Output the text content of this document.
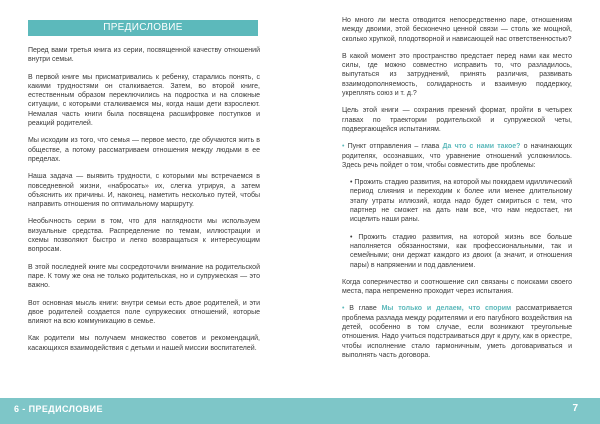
ПРЕДИСЛОВИЕ

Перед вами третья книга из серии, посвященной качеству отношений внутри семьи.

В первой книге мы присматривались к ребенку, старались понять, с какими трудностями он сталкивается. Затем, во второй книге, естественным образом переключились на подростка и на сложные ситуации, с которыми сталкиваемся мы, когда наши дети взрослеют. Немалая часть книги была посвящена расшифровке поступков и реакций родителей.

Мы исходим из того, что семья — первое место, где обучаются жить в обществе, а потому рассматриваем отношения между людьми в ее пределах.

Наша задача — выявить трудности, с которыми мы встречаемся в повседневной жизни, «набросать» их, слегка утрируя, а затем объяснить их причины. И, наконец, наметить несколько путей, чтобы направить отношения по оптимальному маршруту.

Необычность серии в том, что для наглядности мы используем визуальные средства. Распределение по темам, иллюстрации и схемы позволяют быстро и легко возвращаться к интересующим вопросам.

В этой последней книге мы сосредоточили внимание на родительской паре. К тому же она не только родительская, но и супружеская — это важно.

Вот основная мысль книги: внутри семьи есть двое родителей, и эти двое родителей создается поле супружеских отношений, которые влияют на всю коммуникацию в семье.

Как родители мы получаем множество советов и рекомендаций, касающихся взаимодействия с детьми и нашей миссии воспитателей.

Но много ли места отводится непосредственно паре, отношениям между двоими, этой бесконечно ценной связи — столь же мощной, сколько хрупкой, плодотворной и нависающей нас ответственностью?

В какой момент это пространство предстает перед нами как место силы, где можно совместно исправить то, что разладилось, выпутаться из затруднений, принять различия, развивать взаимодополняемость, солидарность и взаимную поддержку, укреплять союз и т. д.?

Цель этой книги — сохранив прежний формат, пройти в четырех главах по траектории родительской и супружеской четы, подвергающейся испытаниям.

• Пункт отправления – глава Да что с нами такое? о начинающих родителях, осознавших, что уравнение отношений усложнилось. Здесь речь пойдет о том, чтобы совместить две проблемы:

• Прожить стадию развития, на которой мы покидаем идиллический период слияния и переходим к более или менее длительному этапу утраты иллюзий, когда надо будет смириться с тем, что партнер не сможет на дать нам все, что нам недостает, ни исцелить наши раны.

• Прожить стадию развития, на которой жизнь все больше наполняется обязанностями, как профессиональными, так и семейными; они держат каждого из двоих (а значит, и отношения пары) в напряжении и под давлением.

Когда соперничество и соотношение сил связаны с поисками своего места, пара непременно проходит через испытания.

• В главе Мы только и делаем, что спорим рассматривается проблема разлада между родителями и его пагубного воздействия на детей, особенно в том случае, если возникают треугольные отношения. Надо учиться подстраиваться друг к другу, как в оркестре, чтобы исполнение стало гармоничным, уметь договариваться и выполнять часть договора.

6 - ПРЕДИСЛОВИЕ	7
